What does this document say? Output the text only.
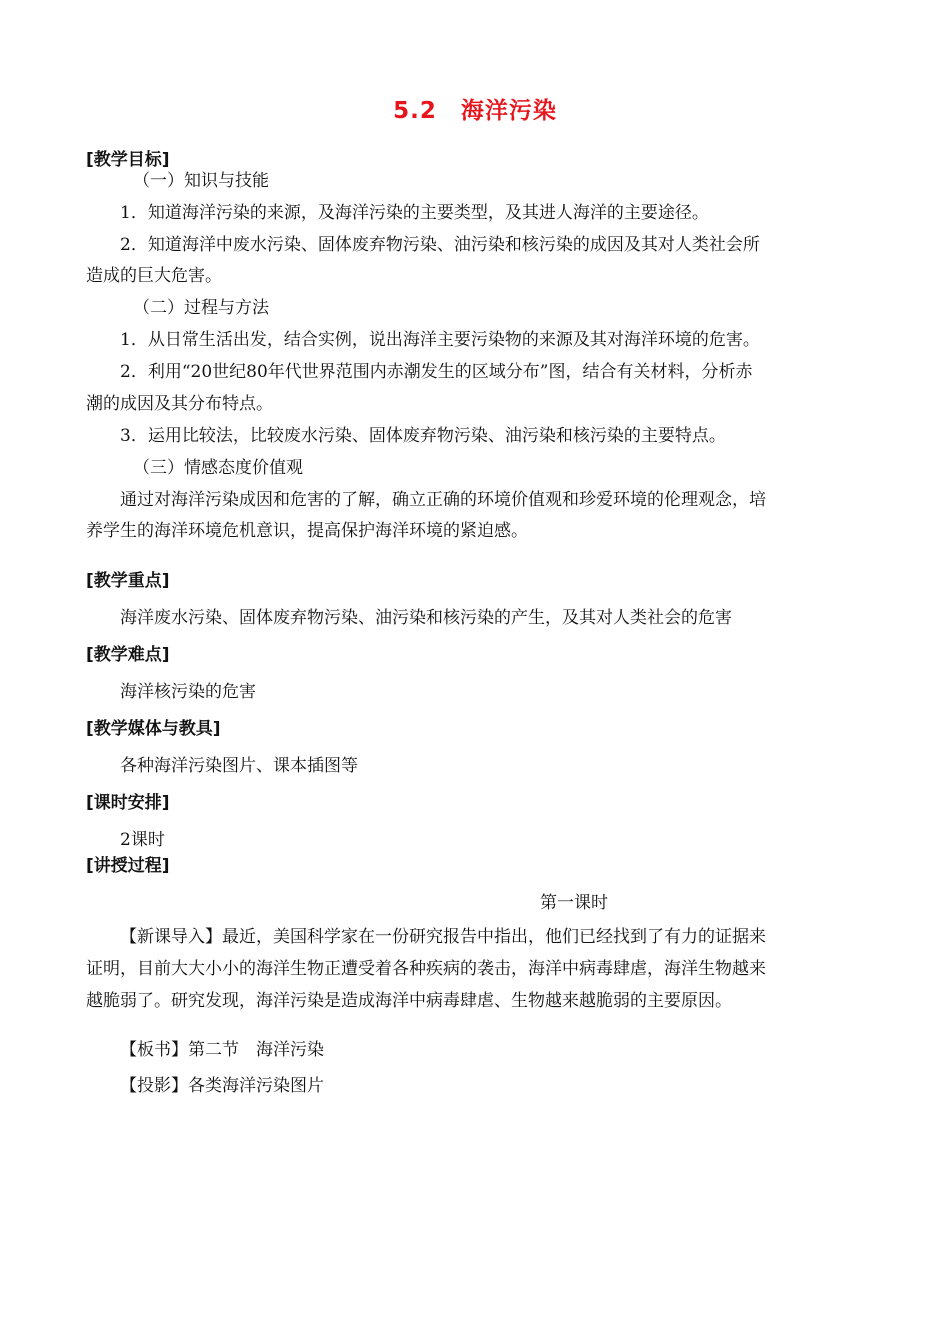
5.2　海洋污染
[教学目标]
（一）知识与技能
1．知道海洋污染的来源，及海洋污染的主要类型，及其进人海洋的主要途径。
2．知道海洋中废水污染、固体废弃物污染、油污染和核污染的成因及其对人类社会所
造成的巨大危害。
（二）过程与方法
1．从日常生活出发，结合实例，说出海洋主要污染物的来源及其对海洋环境的危害。
2．利用“20世纪80年代世界范围内赤潮发生的区域分布”图，结合有关材料，分析赤
潮的成因及其分布特点。
3．运用比较法，比较废水污染、固体废弃物污染、油污染和核污染的主要特点。
（三）情感态度价值观
通过对海洋污染成因和危害的了解，确立正确的环境价值观和珍爱环境的伦理观念，培
养学生的海洋环境危机意识，提高保护海洋环境的紧迫感。
[教学重点]
海洋废水污染、固体废弃物污染、油污染和核污染的产生，及其对人类社会的危害
[教学难点]
海洋核污染的危害
[教学媒体与教具]
各种海洋污染图片、课本插图等
[课时安排]
2课时
[讲授过程]
第一课时
【新课导入】最近，美国科学家在一份研究报告中指出，他们已经找到了有力的证据来
证明，目前大大小小的海洋生物正遭受着各种疾病的袭击，海洋中病毒肆虐，海洋生物越来
越脆弱了。研究发现，海洋污染是造成海洋中病毒肆虐、生物越来越脆弱的主要原因。
【板书】第二节　海洋污染
【投影】各类海洋污染图片
